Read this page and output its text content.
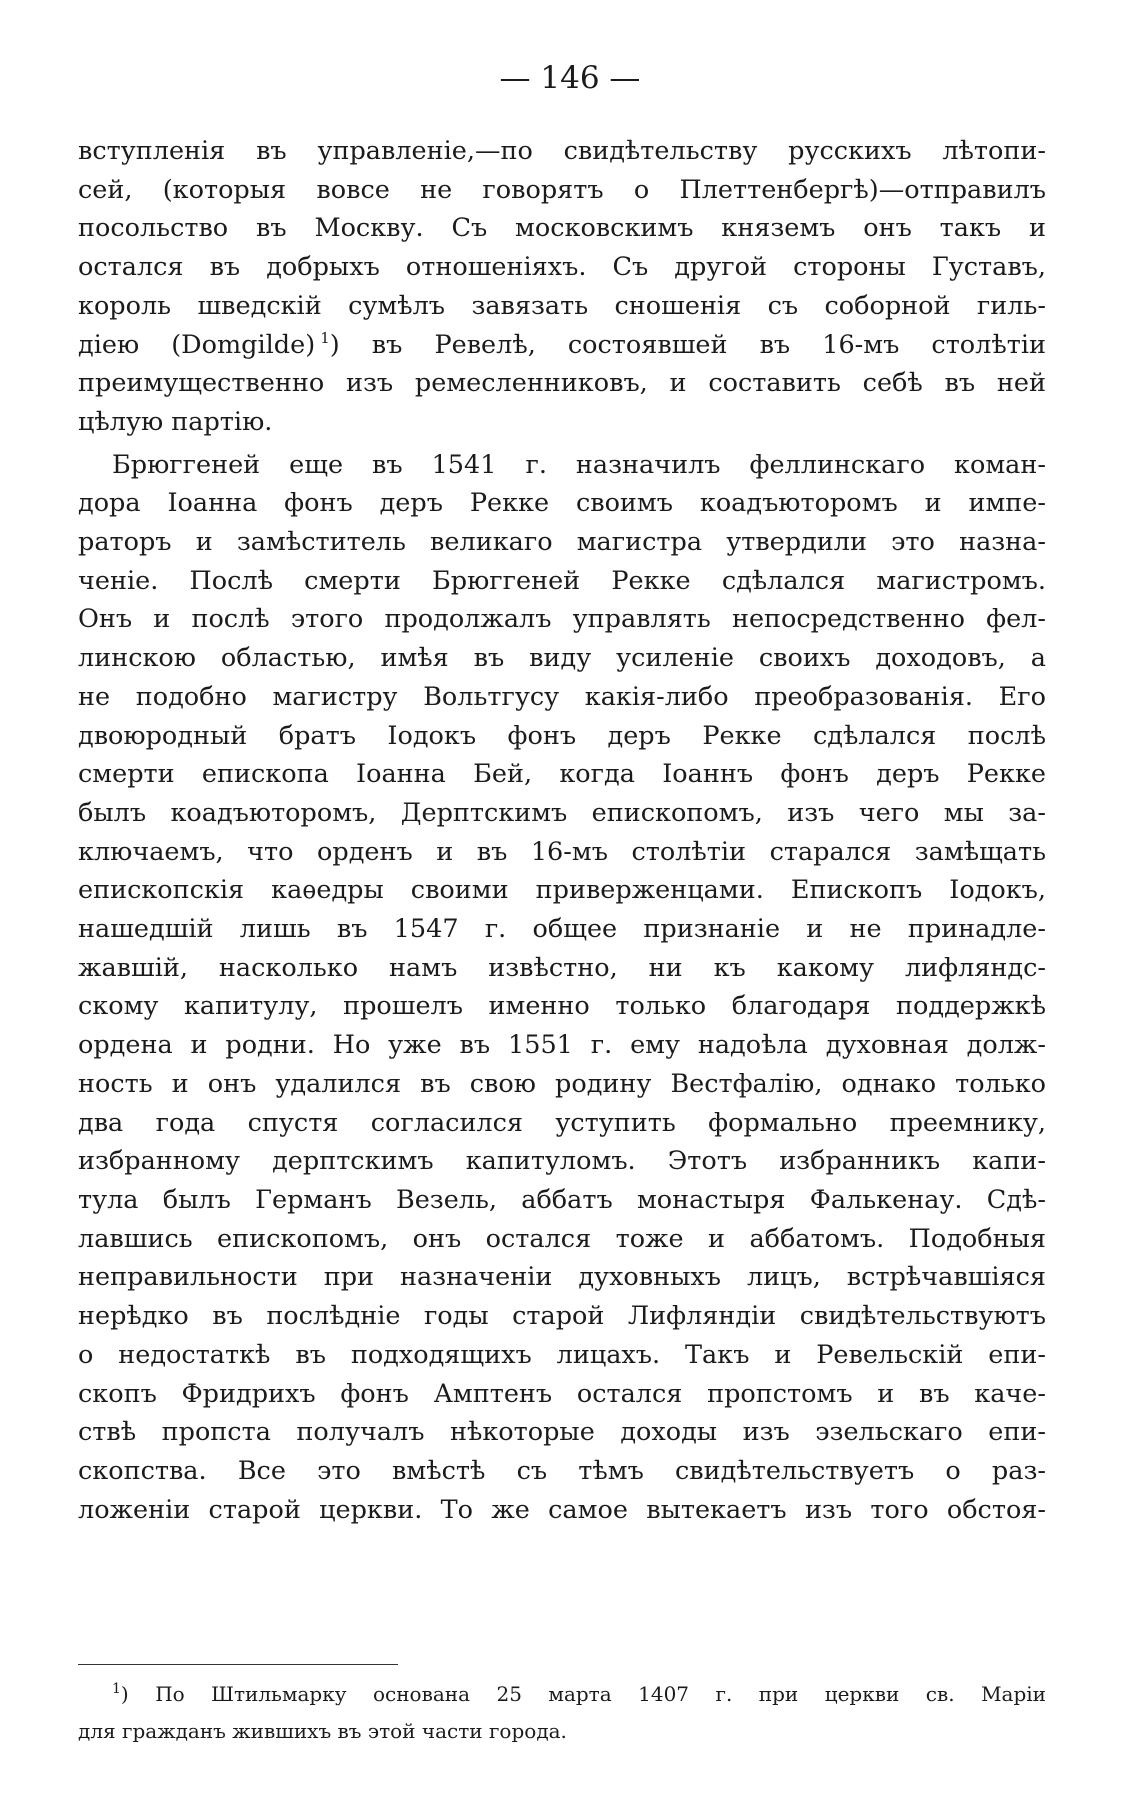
— 146 —
вступленія въ управленіе,—по свидѣтельству русскихъ лѣтопи-
сей, (которыя вовсе не говорятъ о Плеттенбергѣ)—отправилъ
посольство въ Москву. Съ московскимъ княземъ онъ такъ и
остался въ добрыхъ отношеніяхъ. Съ другой стороны Густавъ,
король шведскій сумѣлъ завязать сношенія съ соборной гиль-
діею (Domgilde)  $^1$) въ Ревелѣ, состоявшей въ 16-мъ столѣтіи
преимущественно изъ ремесленниковъ, и составить себѣ въ ней
цѣлую партію.
Брюггеней еще въ 1541 г. назначилъ феллинскаго коман-
дора Іоанна фонъ деръ Рекке своимъ коадъюторомъ и импе-
раторъ и замѣститель великаго магистра утвердили это назна-
ченіе. Послѣ смерти Брюггеней Рекке сдѣлался магистромъ.
Онъ и послѣ этого продолжалъ управлять непосредственно фел-
линскою областью, имѣя въ виду усиленіе своихъ доходовъ, а
не подобно магистру Вольтгусу какія-либо преобразованія. Его
двоюродный братъ Іодокъ фонъ деръ Рекке сдѣлался послѣ
смерти епископа Іоанна Бей, когда Іоаннъ фонъ деръ Рекке
былъ коадъюторомъ, Дерптскимъ епископомъ, изъ чего мы за-
ключаемъ, что орденъ и въ 16-мъ столѣтіи старался замѣщать
епископскія каѳедры своими приверженцами. Епископъ Іодокъ,
нашедшій лишь въ 1547 г. общее признаніе и не принадле-
жавшій, насколько намъ извѣстно, ни къ какому лифляндс-
скому капитулу, прошелъ именно только благодаря поддержкѣ
ордена и родни. Но уже въ 1551 г. ему надоѣла духовная долж-
ность и онъ удалился въ свою родину Вестфалію, однако только
два года спустя согласился уступить формально преемнику,
избранному дерптскимъ капитуломъ. Этотъ избранникъ капи-
тула былъ Германъ Везель, аббатъ монастыря Фалькенау. Сдѣ-
лавшись епископомъ, онъ остался тоже и аббатомъ. Подобныя
неправильности при назначеніи духовныхъ лицъ, встрѣчавшіяся
нерѣдко въ послѣдніе годы старой Лифляндіи свидѣтельствуютъ
о недостаткѣ въ подходящихъ лицахъ. Такъ и Ревельскій епи-
скопъ Фридрихъ фонъ Амптенъ остался пропстомъ и въ каче-
ствѣ пропста получалъ нѣкоторые доходы изъ эзельскаго епи-
скопства. Все это вмѣстѣ съ тѣмъ свидѣтельствуетъ о раз-
ложеніи старой церкви. То же самое вытекаетъ изъ того обстоя-
$^1$) По Штильмарку основана 25 марта 1407 г. при церкви св. Маріи
для гражданъ жившихъ въ этой части города.
